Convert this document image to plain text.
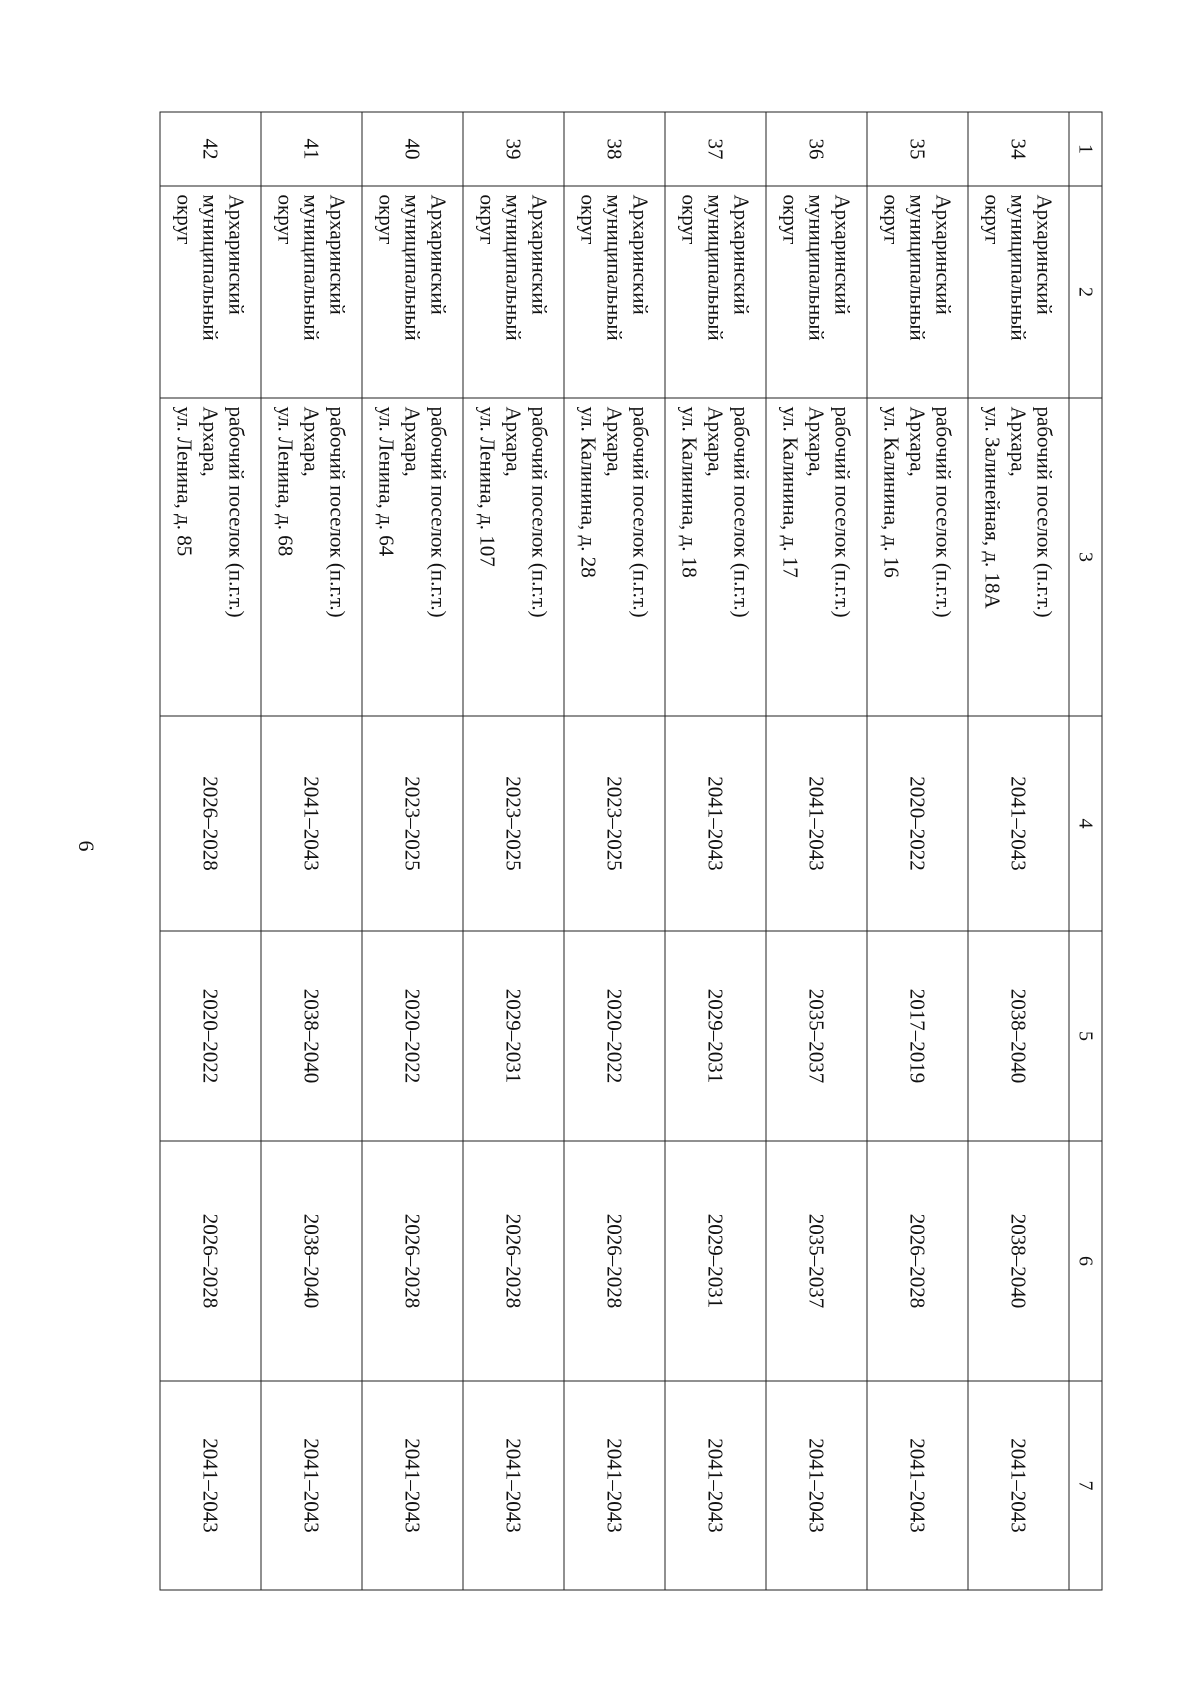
6
1	2	3	4	5	6	7
34	Архаринский
муниципальный
округ	рабочий поселок (п.г.т.)
Архара,
ул. Залинейная, д. 18А	2041–2043	2038–2040	2038–2040	2041–2043
35	Архаринский
муниципальный
округ	рабочий поселок (п.г.т.)
Архара,
ул. Калинина, д. 16	2020–2022	2017–2019	2026–2028	2041–2043
36	Архаринский
муниципальный
округ	рабочий поселок (п.г.т.)
Архара,
ул. Калинина, д. 17	2041–2043	2035–2037	2035–2037	2041–2043
37	Архаринский
муниципальный
округ	рабочий поселок (п.г.т.)
Архара,
ул. Калинина, д. 18	2041–2043	2029–2031	2029–2031	2041–2043
38	Архаринский
муниципальный
округ	рабочий поселок (п.г.т.)
Архара,
ул. Калинина, д. 28	2023–2025	2020–2022	2026–2028	2041–2043
39	Архаринский
муниципальный
округ	рабочий поселок (п.г.т.)
Архара,
ул. Ленина, д. 107	2023–2025	2029–2031	2026–2028	2041–2043
40	Архаринский
муниципальный
округ	рабочий поселок (п.г.т.)
Архара,
ул. Ленина, д. 64	2023–2025	2020–2022	2026–2028	2041–2043
41	Архаринский
муниципальный
округ	рабочий поселок (п.г.т.)
Архара,
ул. Ленина, д. 68	2041–2043	2038–2040	2038–2040	2041–2043
42	Архаринский
муниципальный
округ	рабочий поселок (п.г.т.)
Архара,
ул. Ленина, д. 85	2026–2028	2020–2022	2026–2028	2041–2043
